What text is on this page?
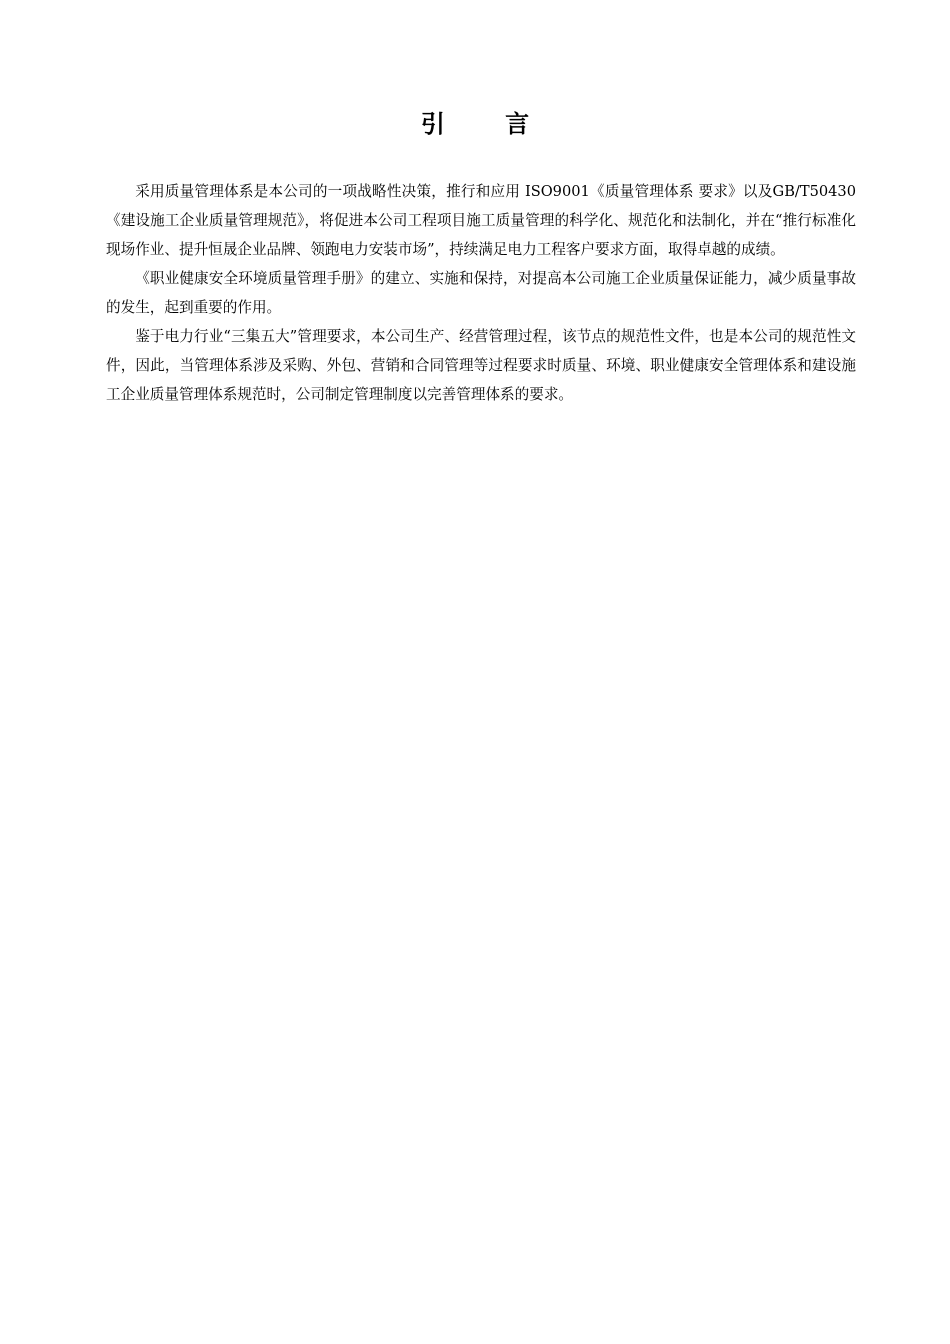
引 言

采用质量管理体系是本公司的一项战略性决策，推行和应用 ISO9001《质量管理体系 要求》以及GB/T50430《建设施工企业质量管理规范》，将促进本公司工程项目施工质量管理的科学化、规范化和法制化，并在“推行标准化现场作业、提升恒晟企业品牌、领跑电力安装市场”，持续满足电力工程客户要求方面，取得卓越的成绩。

《职业健康安全环境质量管理手册》的建立、实施和保持，对提高本公司施工企业质量保证能力，减少质量事故的发生，起到重要的作用。

鉴于电力行业“三集五大”管理要求，本公司生产、经营管理过程，该节点的规范性文件，也是本公司的规范性文件，因此，当管理体系涉及采购、外包、营销和合同管理等过程要求时质量、环境、职业健康安全管理体系和建设施工企业质量管理体系规范时，公司制定管理制度以完善管理体系的要求。
